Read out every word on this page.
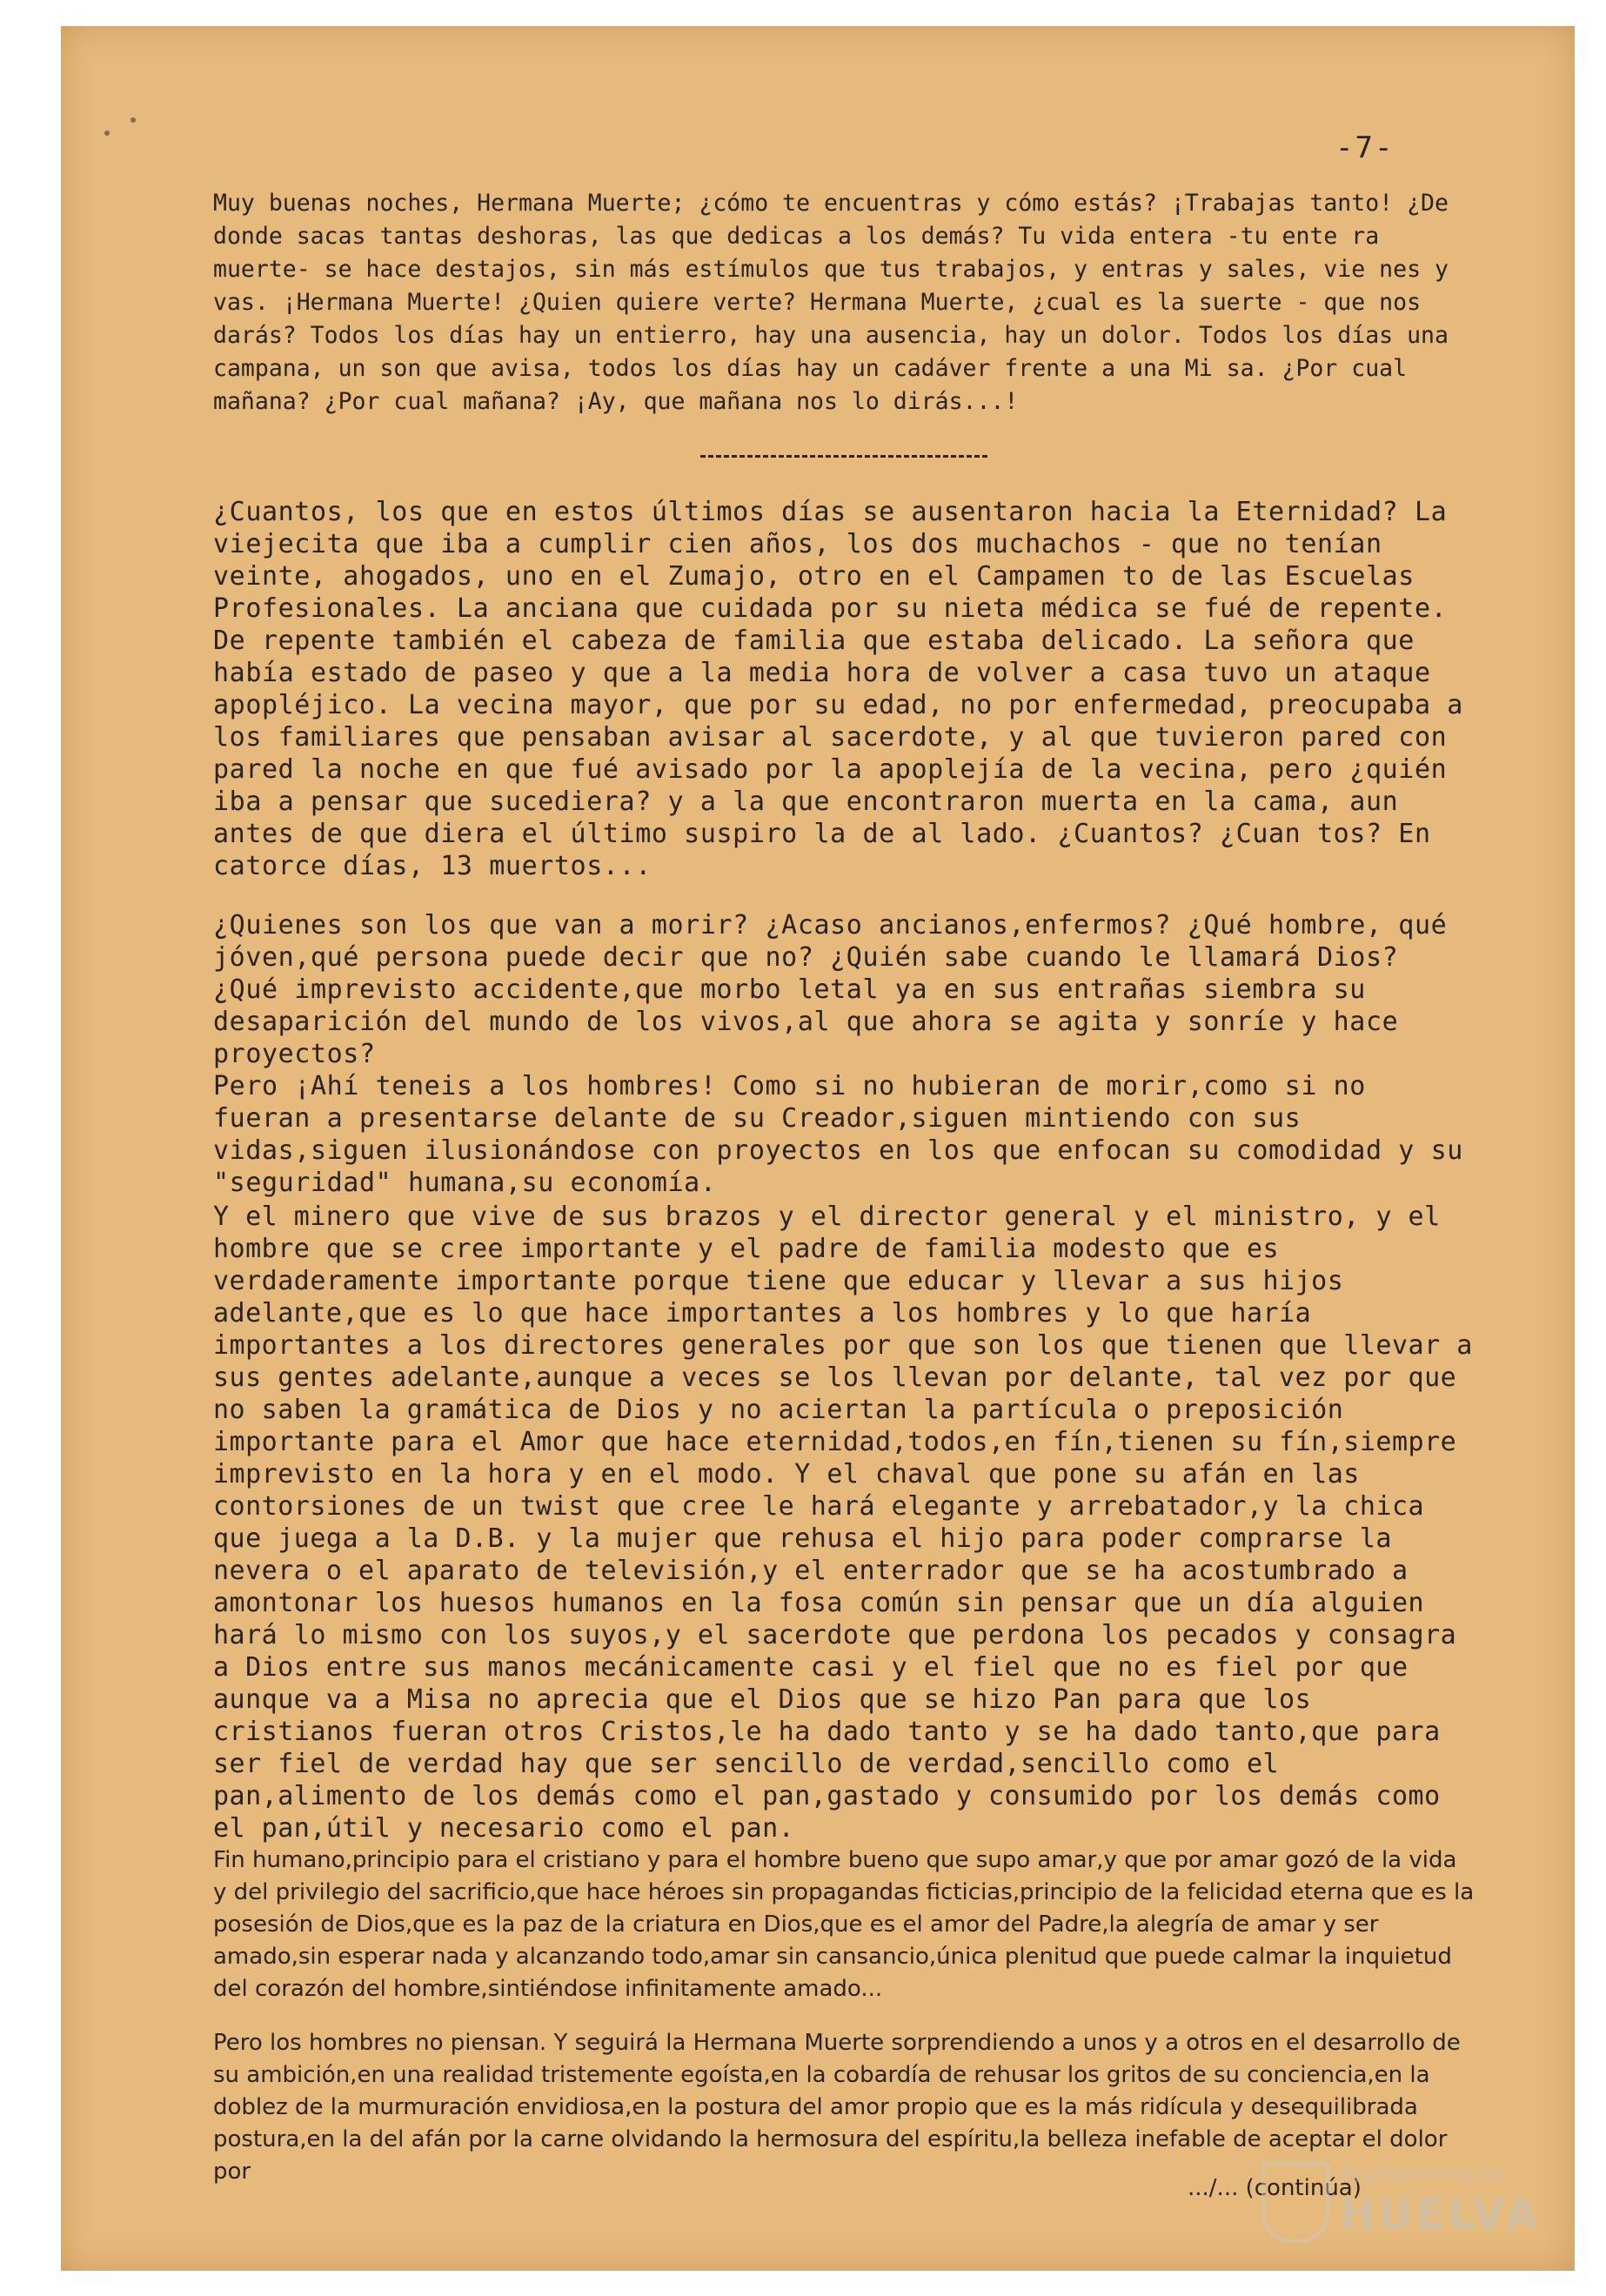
-7-

Muy buenas noches, Hermana Muerte; ¿cómo te encuentras y cómo estás? ¡Trabajas tanto! ¿De donde sacas tantas deshoras, las que dedicas a los demás? Tu vida entera -tu ente ra muerte- se hace destajos, sin más estímulos que tus trabajos, y entras y sales, vie nes y vas. ¡Hermana Muerte! ¿Quien quiere verte? Hermana Muerte, ¿cual es la suerte - que nos darás? Todos los días hay un entierro, hay una ausencia, hay un dolor. Todos los días una campana, un son que avisa, todos los días hay un cadáver frente a una Mi sa. ¿Por cual mañana? ¿Por cual mañana? ¡Ay, que mañana nos lo dirás...!

¿Cuantos, los que en estos últimos días se ausentaron hacia la Eternidad? La viejecita que iba a cumplir cien años, los dos muchachos - que no tenían veinte, ahogados, uno en el Zumajo, otro en el Campamen to de las Escuelas Profesionales. La anciana que cuidada por su nieta médica se fué de repente. De repente también el cabeza de familia que estaba delicado. La señora que había estado de paseo y que a la media hora de volver a casa tuvo un ataque apopléjico. La vecina mayor, que por su edad, no por enfermedad, preocupaba a los familiares que pensaban avisar al sacerdote, y al que tuvieron pared con pared la noche en que fué avisado por la apoplejía de la vecina, pero ¿quién iba a pensar que sucediera? y a la que encontraron muerta en la cama, aun antes de que diera el último suspiro la de al lado. ¿Cuantos? ¿Cuan tos? En catorce días, 13 muertos...

¿Quienes son los que van a morir? ¿Acaso ancianos,enfermos? ¿Qué hombre, qué jóven,qué persona puede decir que no? ¿Quién sabe cuando le llamará Dios? ¿Qué imprevisto accidente,que morbo letal ya en sus entrañas siembra su desaparición del mundo de los vivos,al que ahora se agita y sonríe y hace proyectos?

Pero ¡Ahí teneis a los hombres! Como si no hubieran de morir,como si no fueran a presentarse delante de su Creador,siguen mintiendo con sus vidas,siguen ilusionándose con proyectos en los que enfocan su comodidad y su "seguridad" humana,su economía.

Y el minero que vive de sus brazos y el director general y el ministro, y el hombre que se cree importante y el padre de familia modesto que es verdaderamente importante porque tiene que educar y llevar a sus hijos adelante,que es lo que hace importantes a los hombres y lo que haría importantes a los directores generales por que son los que tienen que llevar a sus gentes adelante,aunque a veces se los llevan por delante, tal vez por que no saben la gramática de Dios y no aciertan la partícula o preposición importante para el Amor que hace eternidad,todos,en fín,tienen su fín,siempre imprevisto en la hora y en el modo. Y el chaval que pone su afán en las contorsiones de un twist que cree le hará elegante y arrebatador,y la chica que juega a la D.B. y la mujer que rehusa el hijo para poder comprarse la nevera o el aparato de televisión,y el enterrador que se ha acostumbrado a amontonar los huesos humanos en la fosa común sin pensar que un día alguien hará lo mismo con los suyos,y el sacerdote que perdona los pecados y consagra a Dios entre sus manos mecánicamente casi y el fiel que no es fiel por que aunque va a Misa no aprecia que el Dios que se hizo Pan para que los cristianos fueran otros Cristos,le ha dado tanto y se ha dado tanto,que para ser fiel de verdad hay que ser sencillo de verdad,sencillo como el pan,alimento de los demás como el pan,gastado y consumido por los demás como el pan,útil y necesario como el pan.

Fin humano,principio para el cristiano y para el hombre bueno que supo amar,y que por amar gozó de la vida y del privilegio del sacrificio,que hace héroes sin propagandas ficticias,principio de la felicidad eterna que es la posesión de Dios,que es la paz de la criatura en Dios,que es el amor del Padre,la alegría de amar y ser amado,sin esperar nada y alcanzando todo,amar sin cansancio,única plenitud que puede calmar la inquietud del corazón del hombre,sintiéndose infinitamente amado...

Pero los hombres no piensan. Y seguirá la Hermana Muerte sorprendiendo a unos y a otros en el desarrollo de su ambición,en una realidad tristemente egoísta,en la cobardía de rehusar los gritos de su conciencia,en la doblez de la murmuración envidiosa,en la postura del amor propio que es la más ridícula y desequilibrada postura,en la del afán por la carne olvidando la hermosura del espíritu,la belleza inefable de aceptar el dolor por

.../... (continúa)
Ayuntamiento de
HUELVA
